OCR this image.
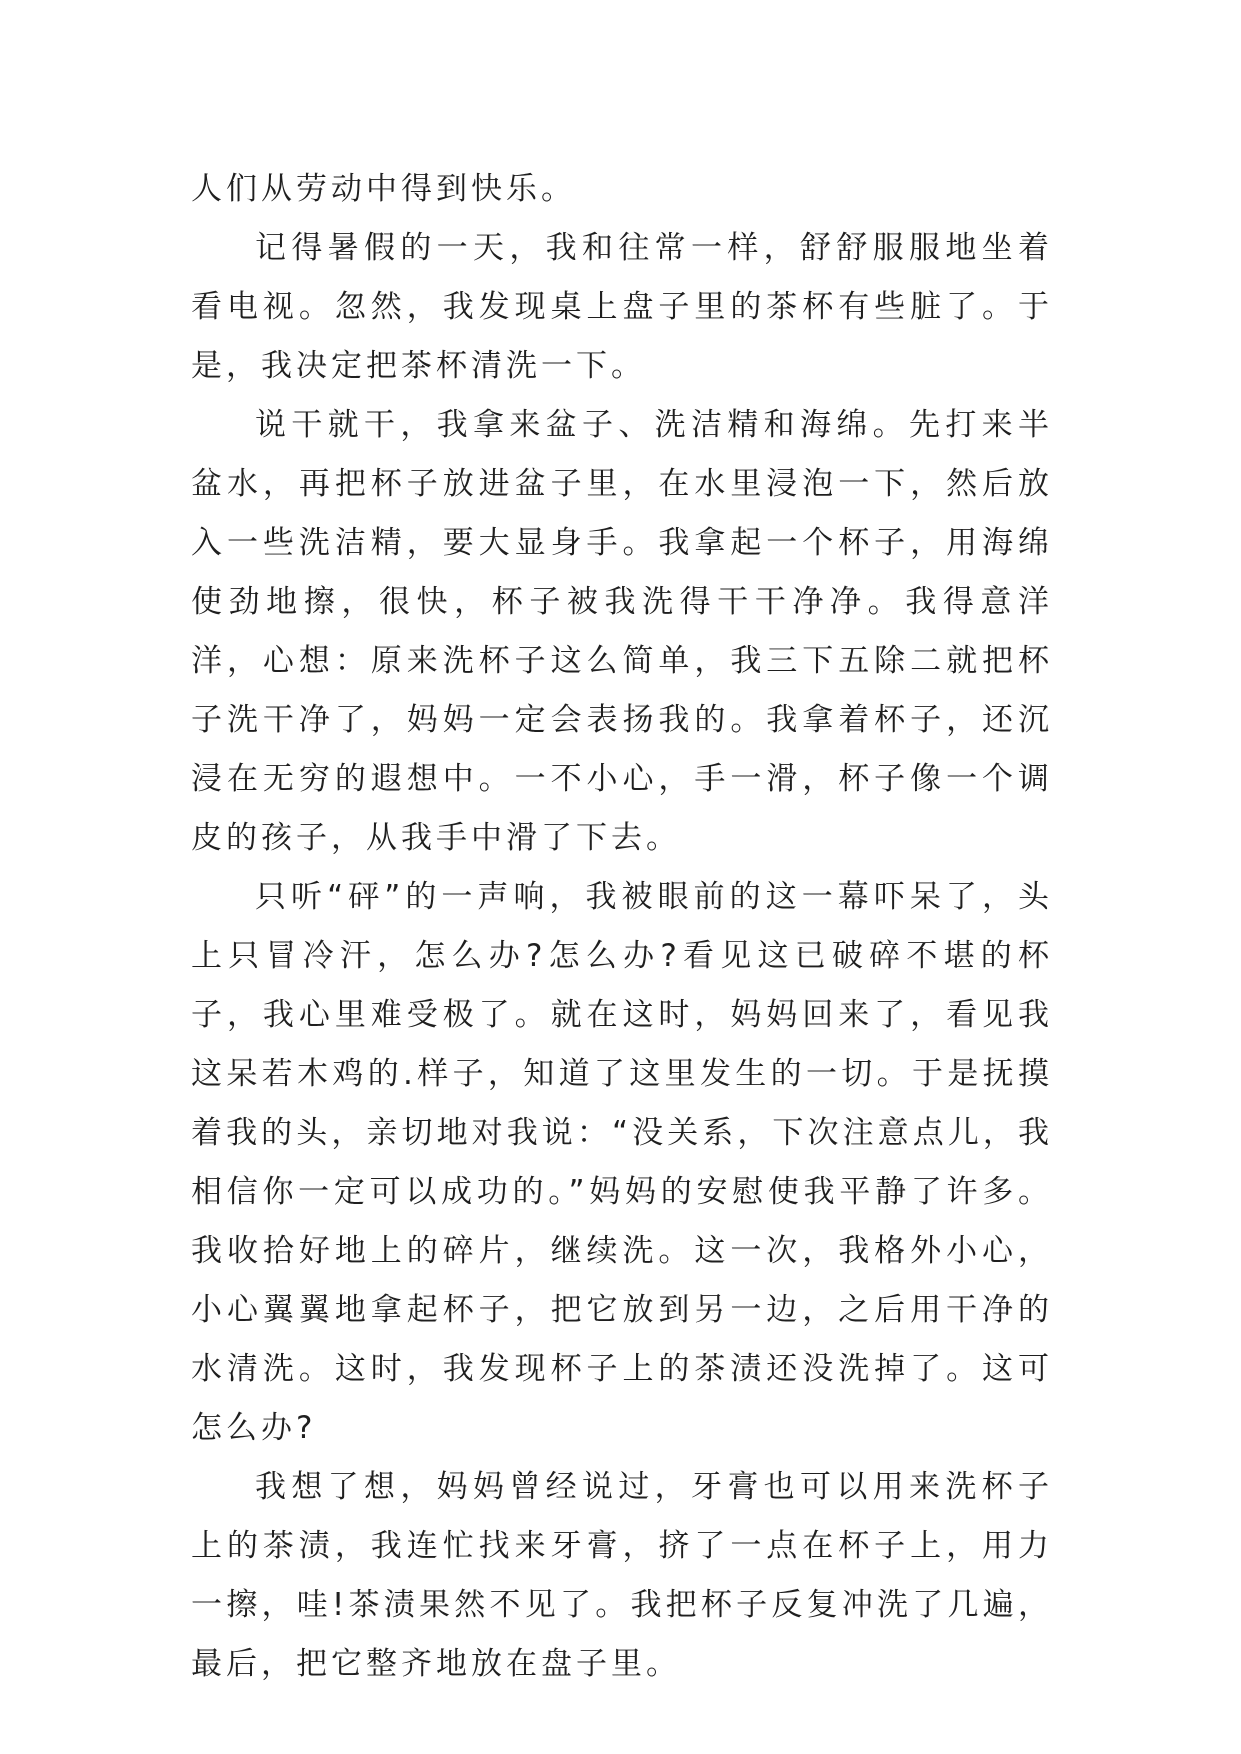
人们从劳动中得到快乐。

记得暑假的一天，我和往常一样，舒舒服服地坐着看电视。忽然，我发现桌上盘子里的茶杯有些脏了。于是，我决定把茶杯清洗一下。

说干就干，我拿来盆子、洗洁精和海绵。先打来半盆水，再把杯子放进盆子里，在水里浸泡一下，然后放入一些洗洁精，要大显身手。我拿起一个杯子，用海绵使劲地擦，很快，杯子被我洗得干干净净。我得意洋洋，心想：原来洗杯子这么简单，我三下五除二就把杯子洗干净了，妈妈一定会表扬我的。我拿着杯子，还沉浸在无穷的遐想中。一不小心，手一滑，杯子像一个调皮的孩子，从我手中滑了下去。

只听“砰”的一声响，我被眼前的这一幕吓呆了，头上只冒冷汗，怎么办?怎么办?看见这已破碎不堪的杯子，我心里难受极了。就在这时，妈妈回来了，看见我这呆若木鸡的.样子，知道了这里发生的一切。于是抚摸着我的头，亲切地对我说：“没关系，下次注意点儿，我相信你一定可以成功的。”妈妈的安慰使我平静了许多。我收拾好地上的碎片，继续洗。这一次，我格外小心，小心翼翼地拿起杯子，把它放到另一边，之后用干净的水清洗。这时，我发现杯子上的茶渍还没洗掉了。这可怎么办?

我想了想，妈妈曾经说过，牙膏也可以用来洗杯子上的茶渍，我连忙找来牙膏，挤了一点在杯子上，用力一擦，哇!茶渍果然不见了。我把杯子反复冲洗了几遍，最后，把它整齐地放在盘子里。
